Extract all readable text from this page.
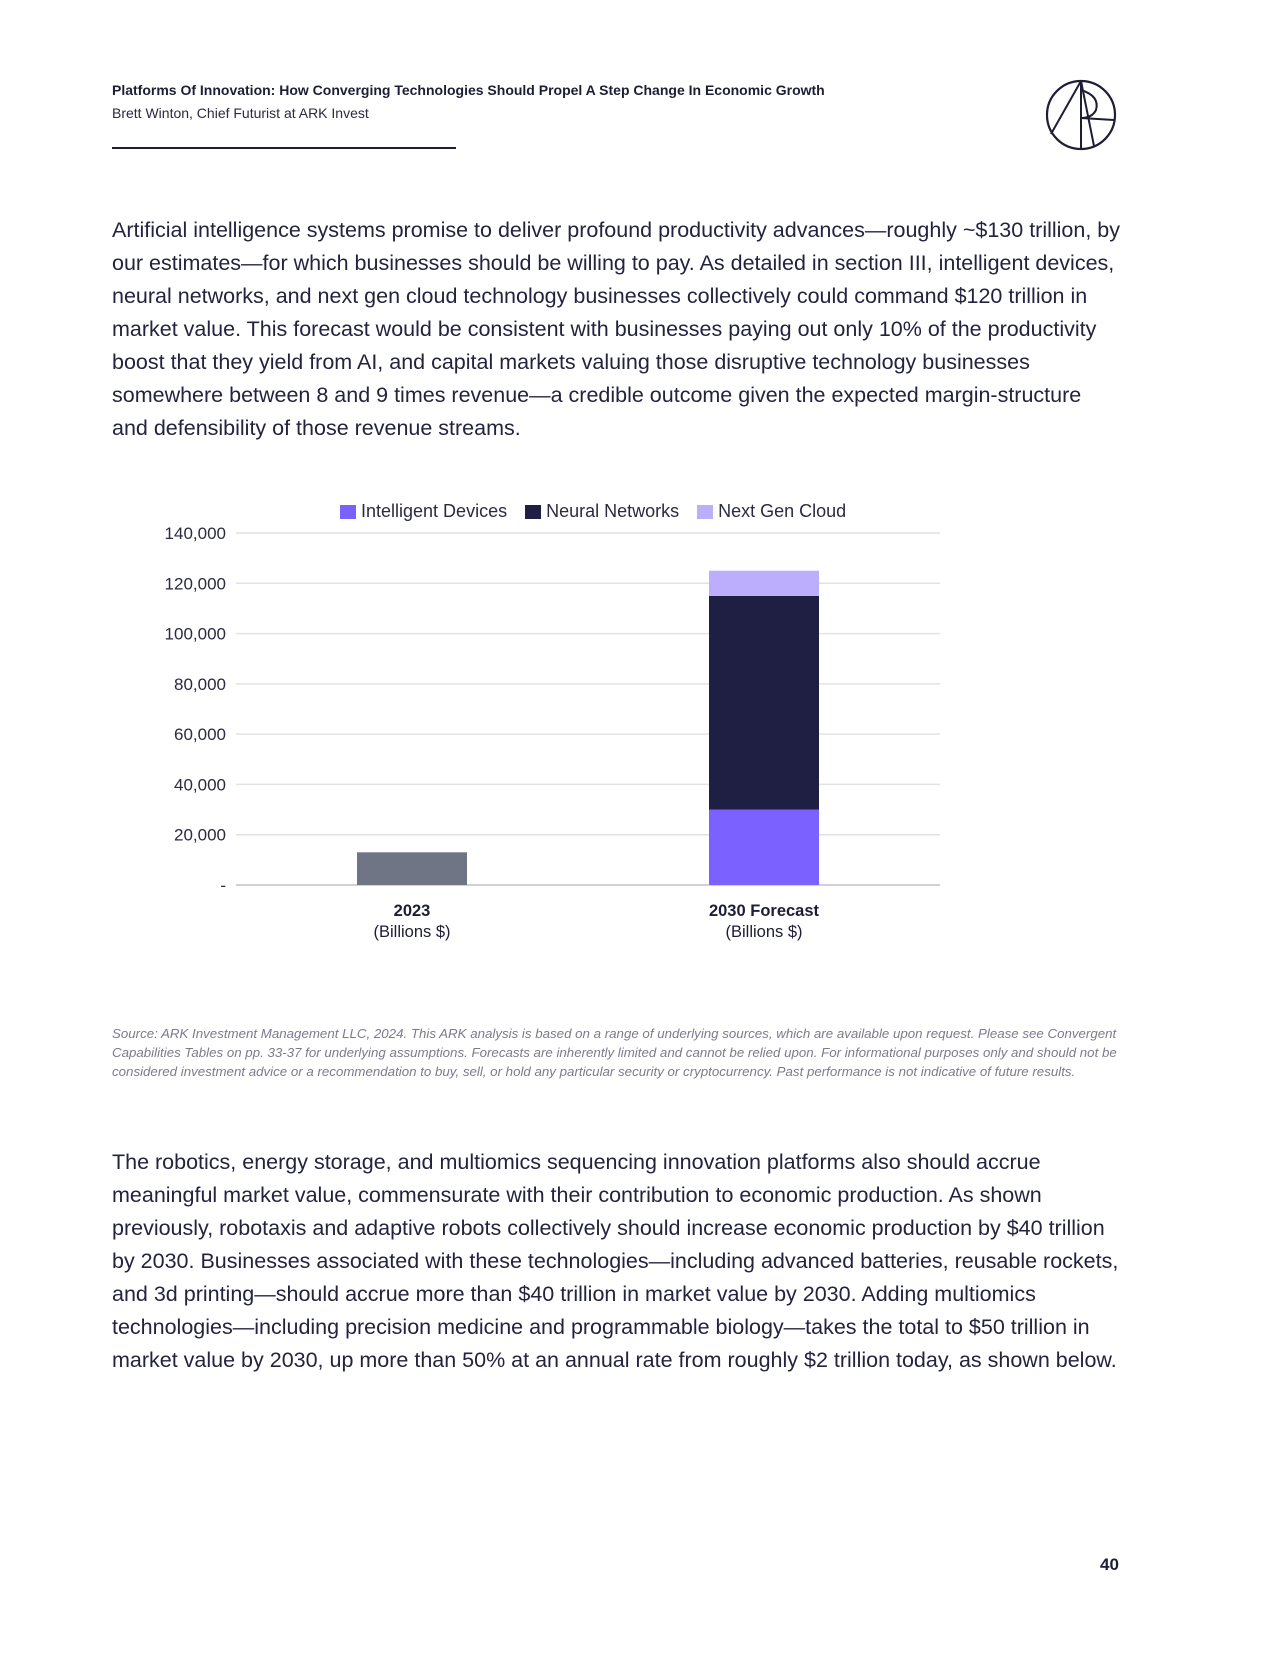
Platforms Of Innovation: How Converging Technologies Should Propel A Step Change In Economic Growth
Brett Winton, Chief Futurist at ARK Invest

Artificial intelligence systems promise to deliver profound productivity advances—roughly ~$130 trillion, by our estimates—for which businesses should be willing to pay. As detailed in section III, intelligent devices, neural networks, and next gen cloud technology businesses collectively could command $120 trillion in market value. This forecast would be consistent with businesses paying out only 10% of the productivity boost that they yield from AI, and capital markets valuing those disruptive technology businesses somewhere between 8 and 9 times revenue—a credible outcome given the expected margin-structure and defensibility of those revenue streams.

-
20,000
40,000
60,000
80,000
100,000
120,000
140,000
2023
(Billions $)
2030 Forecast
(Billions $)
Intelligent Devices Neural Networks Next Gen Cloud

Source: ARK Investment Management LLC, 2024. This ARK analysis is based on a range of underlying sources, which are available upon request. Please see Convergent Capabilities Tables on pp. 33-37 for underlying assumptions. Forecasts are inherently limited and cannot be relied upon. For informational purposes only and should not be considered investment advice or a recommendation to buy, sell, or hold any particular security or cryptocurrency. Past performance is not indicative of future results.

The robotics, energy storage, and multiomics sequencing innovation platforms also should accrue meaningful market value, commensurate with their contribution to economic production. As shown previously, robotaxis and adaptive robots collectively should increase economic production by $40 trillion by 2030. Businesses associated with these technologies—including advanced batteries, reusable rockets, and 3d printing—should accrue more than $40 trillion in market value by 2030. Adding multiomics technologies—including precision medicine and programmable biology—takes the total to $50 trillion in market value by 2030, up more than 50% at an annual rate from roughly $2 trillion today, as shown below.

40
